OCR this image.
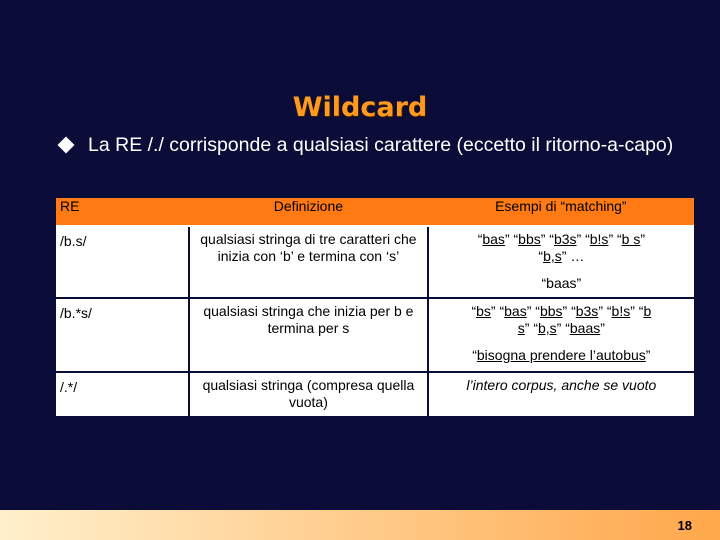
Wildcard
La RE /./ corrisponde a qualsiasi carattere (eccetto il ritorno-a-capo)
RE	Definizione	Esempi di “matching”
/b.s/	qualsiasi stringa di tre caratteri che inizia con ‘b’ e termina con ‘s’	“bas” “bbs” “b3s” “b!s” “b s”
“b,s” …
“baas”

/b.*s/	qualsiasi stringa che inizia per b e termina per s	“bs” “bas” “bbs” “b3s” “b!s” “b
s” “b,s” “baas”
“bisogna prendere l’autobus”

/.*/	qualsiasi stringa (compresa quella vuota)	l’intero corpus, anche se vuoto
18
